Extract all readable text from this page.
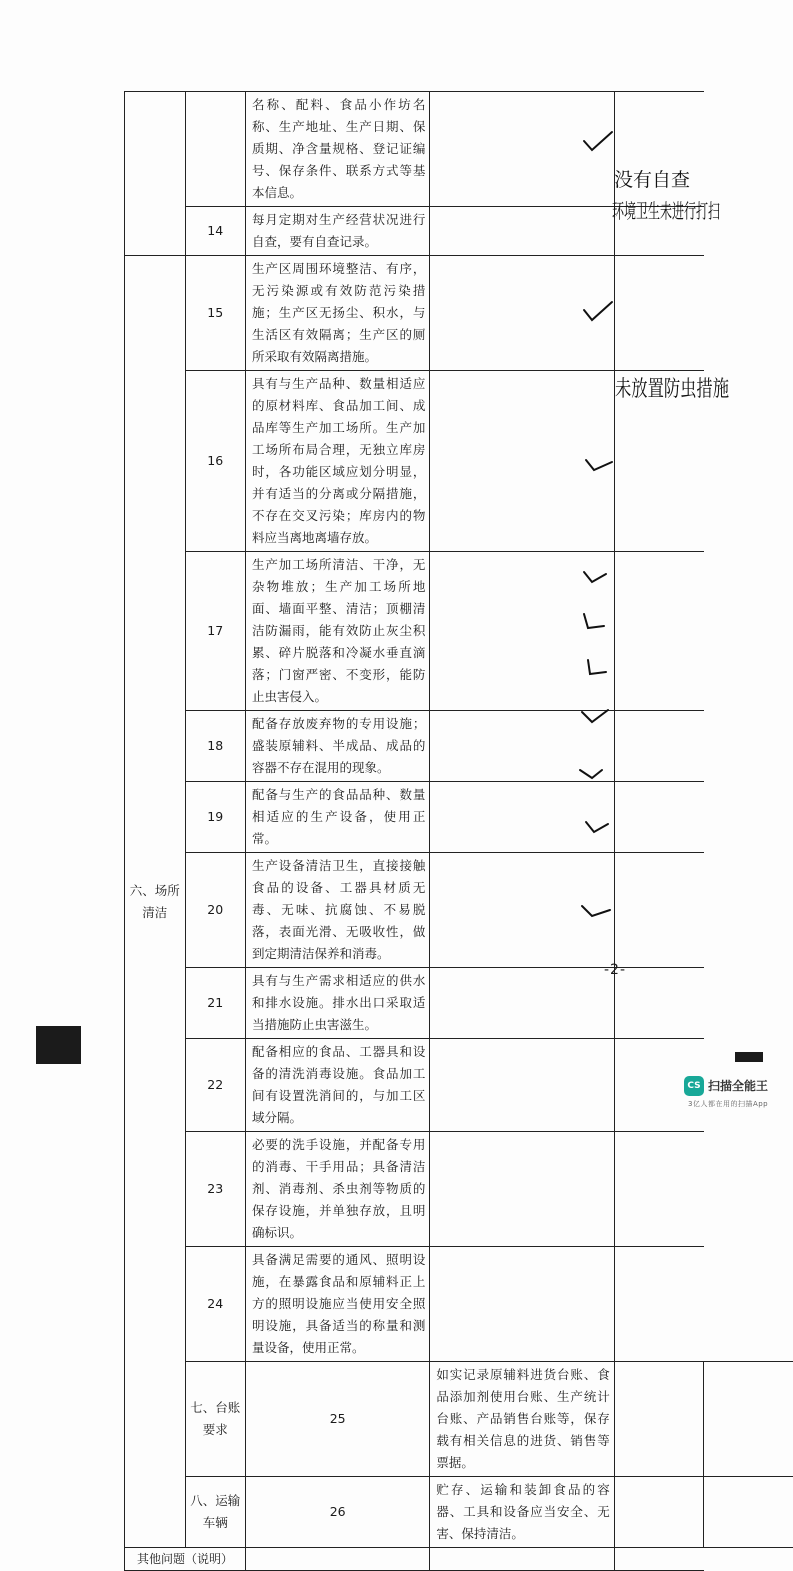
		名称、配料、食品小作坊名称、生产地址、生产日期、保质期、净含量规格、登记证编号、保存条件、联系方式等基本信息。			
	14	每月定期对生产经营状况进行自查，要有自查记录。			
六、场所清洁	15	生产区周围环境整洁、有序，无污染源或有效防范污染措施；生产区无扬尘、积水，与生活区有效隔离；生产区的厕所采取有效隔离措施。			
	16	具有与生产品种、数量相适应的原材料库、食品加工间、成品库等生产加工场所。生产加工场所布局合理，无独立库房时，各功能区域应划分明显，并有适当的分离或分隔措施，不存在交叉污染；库房内的物料应当离地离墙存放。			
	17	生产加工场所清洁、干净，无杂物堆放；生产加工场所地面、墙面平整、清洁；顶棚清洁防漏雨，能有效防止灰尘积累、碎片脱落和冷凝水垂直滴落；门窗严密、不变形，能防止虫害侵入。			
	18	配备存放废弃物的专用设施；盛装原辅料、半成品、成品的容器不存在混用的现象。			
	19	配备与生产的食品品种、数量相适应的生产设备，使用正常。			
	20	生产设备清洁卫生，直接接触食品的设备、工器具材质无毒、无味、抗腐蚀、不易脱落，表面光滑、无吸收性，做到定期清洁保养和消毒。			
	21	具有与生产需求相适应的供水和排水设施。排水出口采取适当措施防止虫害滋生。			
	22	配备相应的食品、工器具和设备的清洗消毒设施。食品加工间有设置洗消间的，与加工区域分隔。			
	23	必要的洗手设施，并配备专用的消毒、干手用品；具备清洁剂、消毒剂、杀虫剂等物质的保存设施，并单独存放，且明确标识。			
	24	具备满足需要的通风、照明设施，在暴露食品和原辅料正上方的照明设施应当使用安全照明设施，具备适当的称量和测量设备，使用正常。			
	七、台账要求	25	如实记录原辅料进货台账、食品添加剂使用台账、生产统计台账、产品销售台账等，保存载有相关信息的进货、销售等票据。		
	八、运输车辆	26	贮存、运输和装卸食品的容器、工具和设备应当安全、无害、保持清洁。		
其他问题（说明）					
没有自查
环境卫生未进行打扫
未放置防虫措施
-2-
CS 扫描全能王
3亿人都在用的扫描App
